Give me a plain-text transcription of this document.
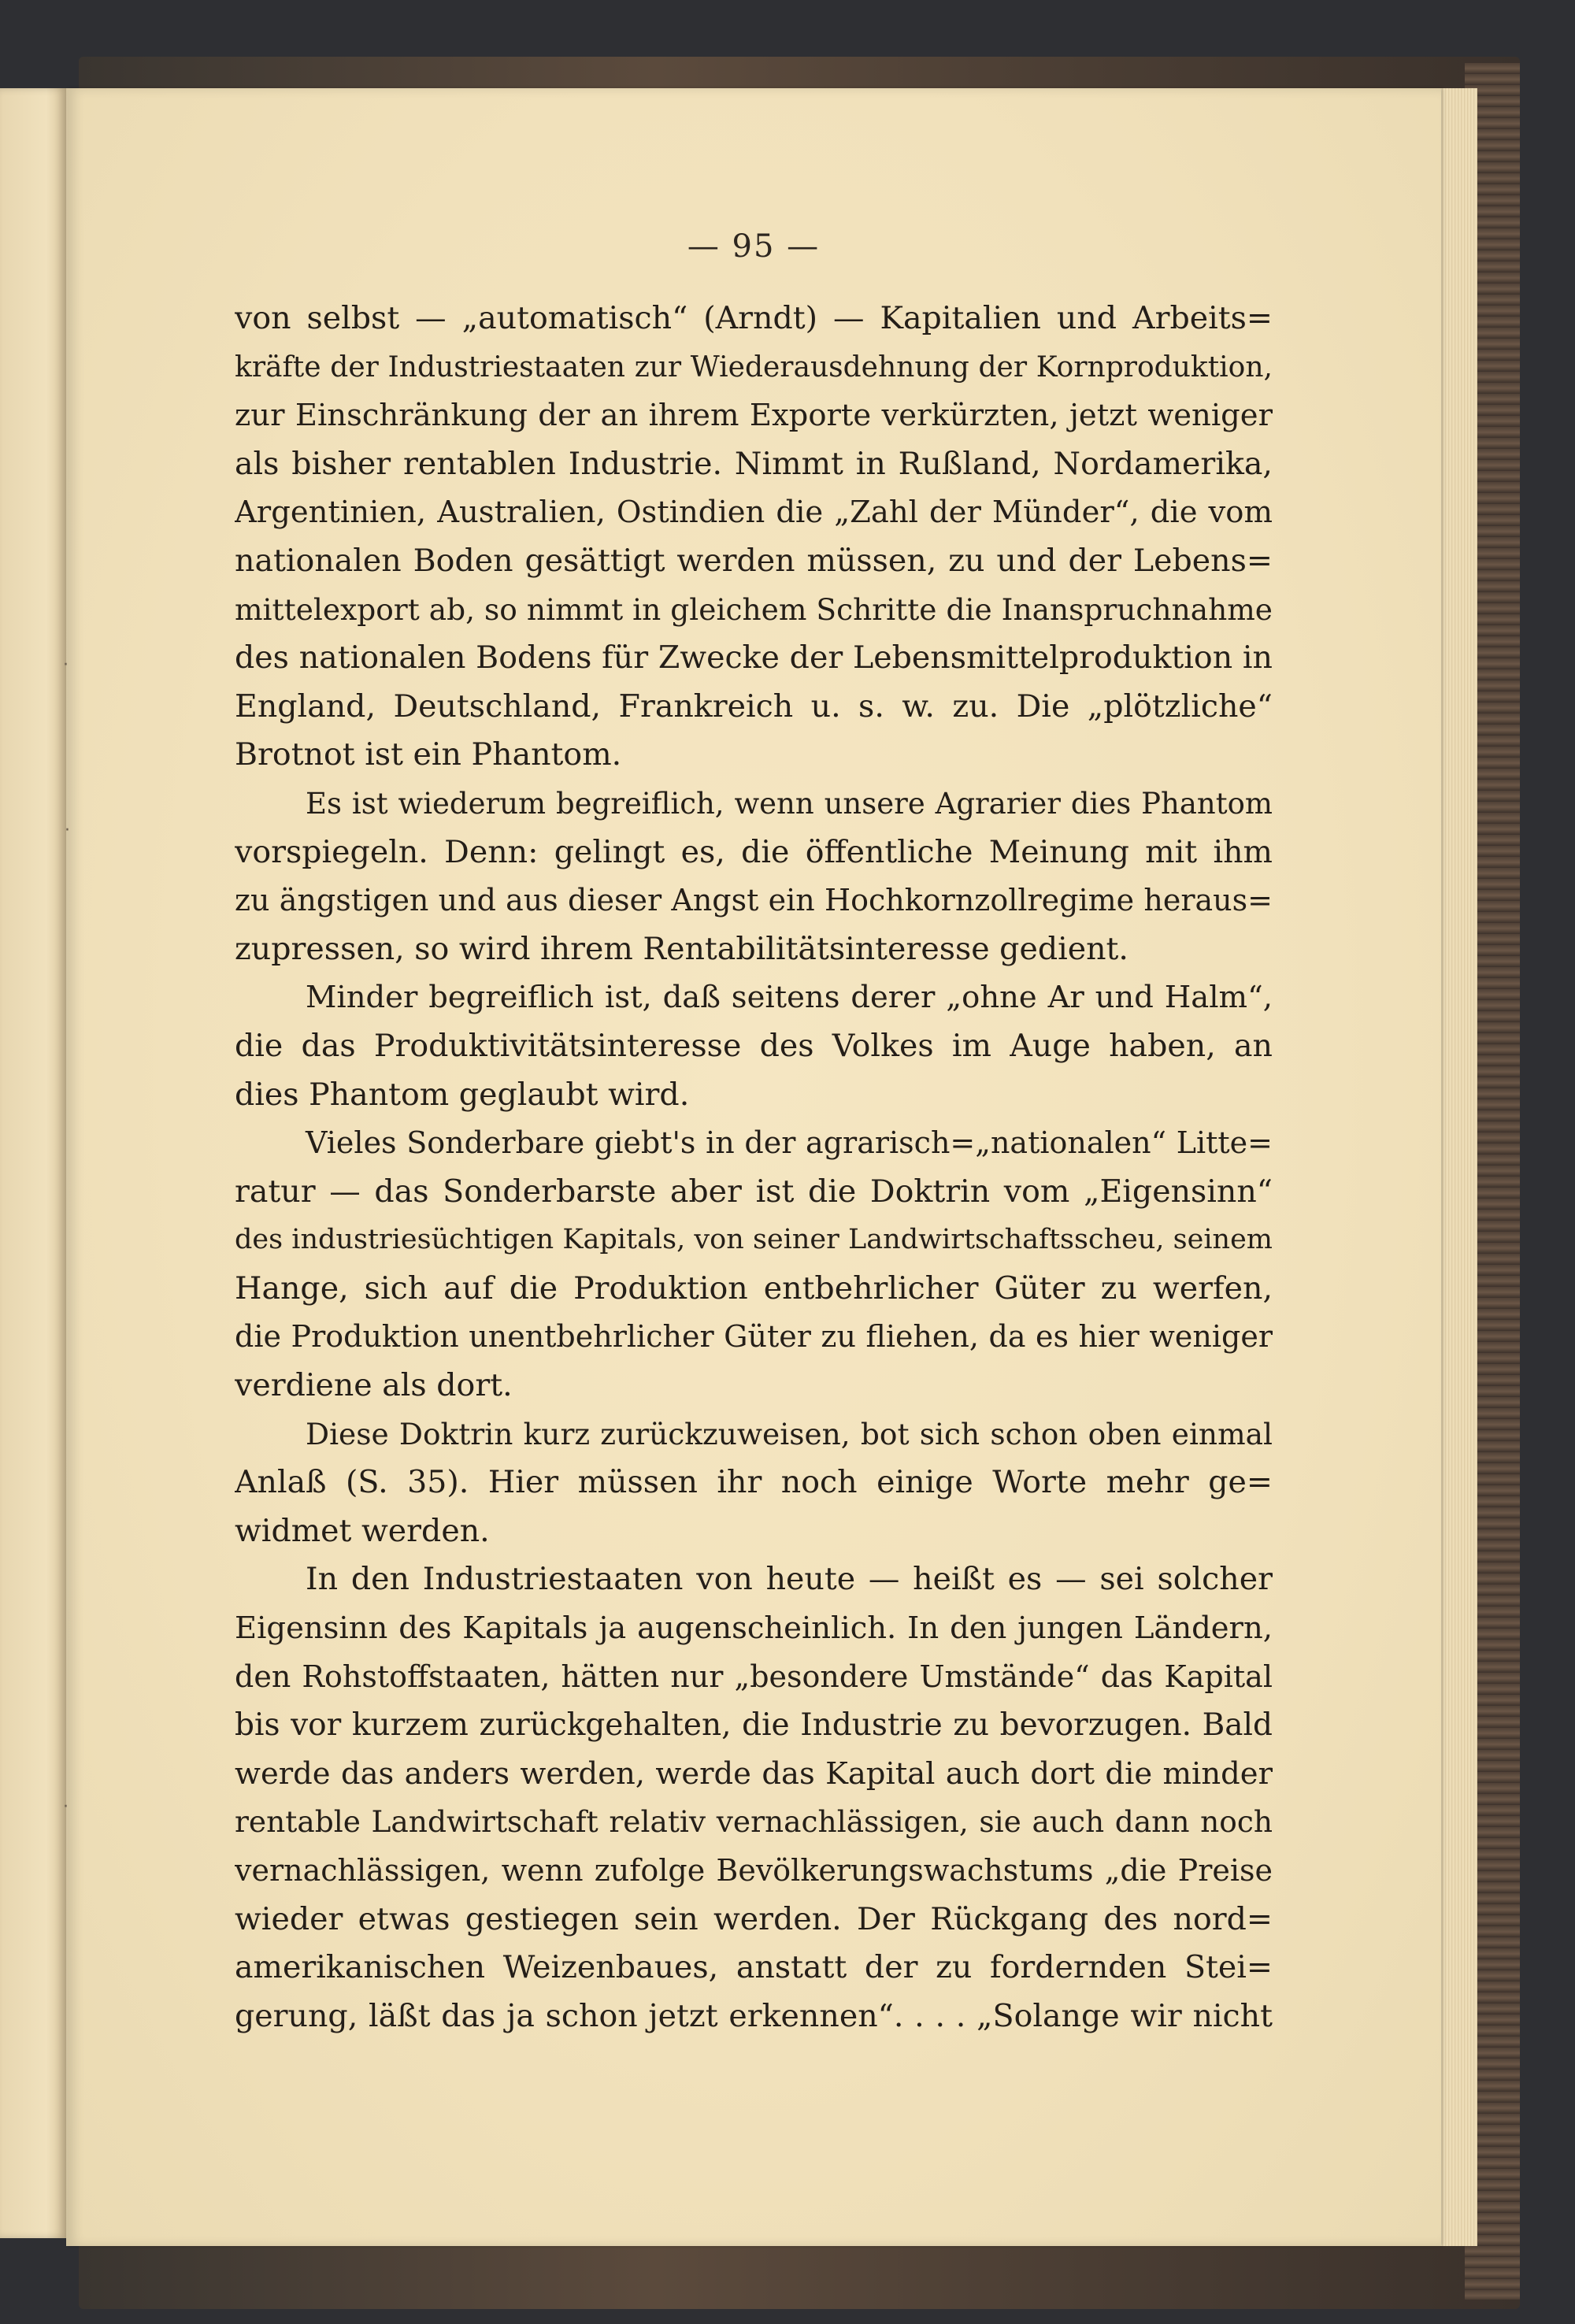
— 95 —
von selbst — „automatisch“ (Arndt) — Kapitalien und Arbeits=
kräfte der Industriestaaten zur Wiederausdehnung der Kornproduktion,
zur Einschränkung der an ihrem Exporte verkürzten, jetzt weniger
als bisher rentablen Industrie. Nimmt in Rußland, Nordamerika,
Argentinien, Australien, Ostindien die „Zahl der Münder“, die vom
nationalen Boden gesättigt werden müssen, zu und der Lebens=
mittelexport ab, so nimmt in gleichem Schritte die Inanspruchnahme
des nationalen Bodens für Zwecke der Lebensmittelproduktion in
England, Deutschland, Frankreich u. s. w. zu. Die „plötzliche“
Brotnot ist ein Phantom.
Es ist wiederum begreiflich, wenn unsere Agrarier dies Phantom
vorspiegeln. Denn: gelingt es, die öffentliche Meinung mit ihm
zu ängstigen und aus dieser Angst ein Hochkornzollregime heraus=
zupressen, so wird ihrem Rentabilitätsinteresse gedient.
Minder begreiflich ist, daß seitens derer „ohne Ar und Halm“,
die das Produktivitätsinteresse des Volkes im Auge haben, an
dies Phantom geglaubt wird.
Vieles Sonderbare giebt's in der agrarisch=„nationalen“ Litte=
ratur — das Sonderbarste aber ist die Doktrin vom „Eigensinn“
des industriesüchtigen Kapitals, von seiner Landwirtschaftsscheu, seinem
Hange, sich auf die Produktion entbehrlicher Güter zu werfen,
die Produktion unentbehrlicher Güter zu fliehen, da es hier weniger
verdiene als dort.
Diese Doktrin kurz zurückzuweisen, bot sich schon oben einmal
Anlaß (S. 35). Hier müssen ihr noch einige Worte mehr ge=
widmet werden.
In den Industriestaaten von heute — heißt es — sei solcher
Eigensinn des Kapitals ja augenscheinlich. In den jungen Ländern,
den Rohstoffstaaten, hätten nur „besondere Umstände“ das Kapital
bis vor kurzem zurückgehalten, die Industrie zu bevorzugen. Bald
werde das anders werden, werde das Kapital auch dort die minder
rentable Landwirtschaft relativ vernachlässigen, sie auch dann noch
vernachlässigen, wenn zufolge Bevölkerungswachstums „die Preise
wieder etwas gestiegen sein werden. Der Rückgang des nord=
amerikanischen Weizenbaues, anstatt der zu fordernden Stei=
gerung, läßt das ja schon jetzt erkennen“. . . . „Solange wir nicht
·
·
·
